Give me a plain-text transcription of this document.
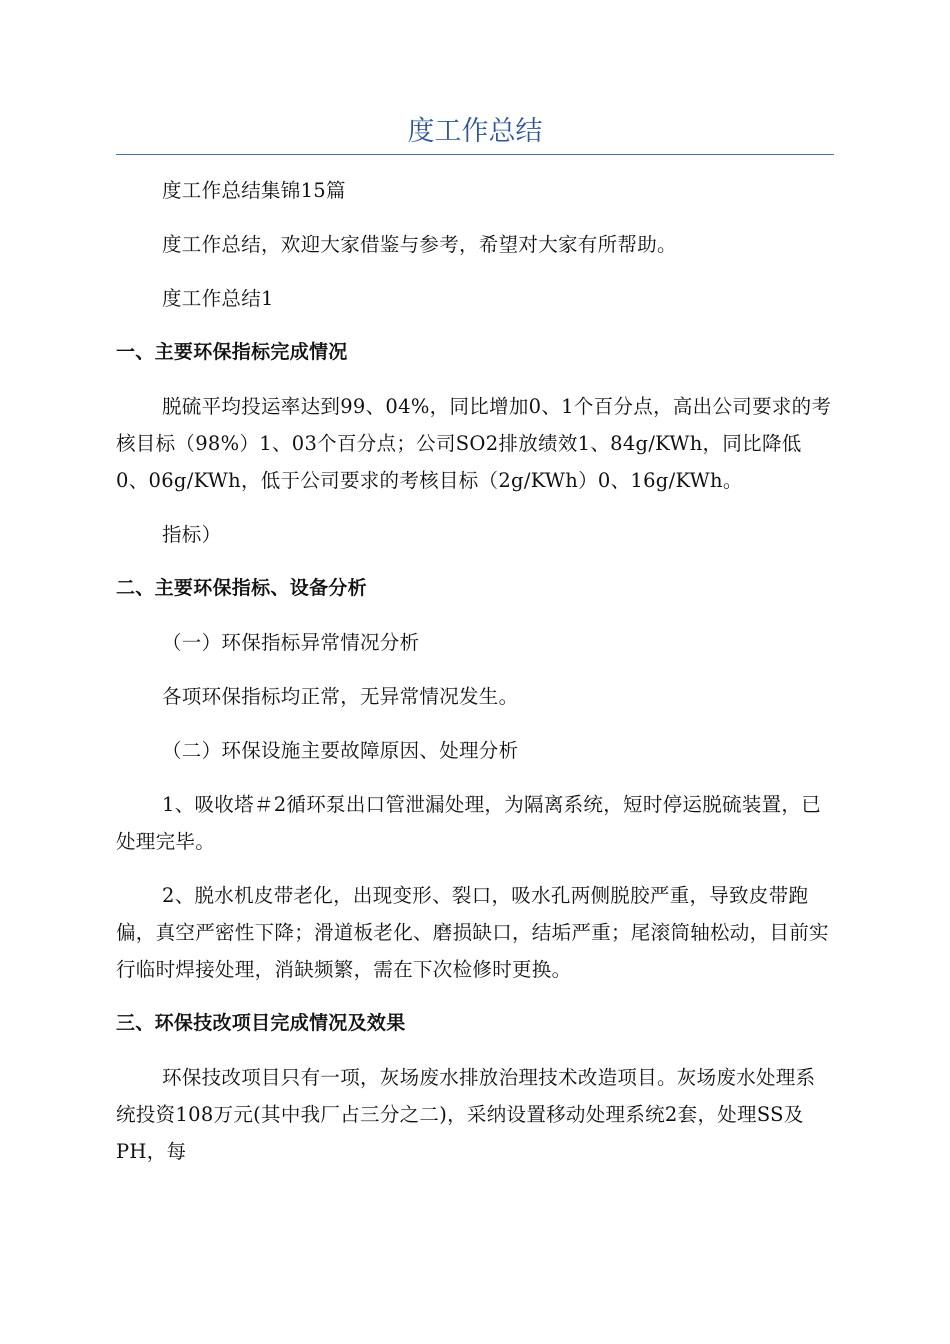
度工作总结

度工作总结集锦15篇

度工作总结，欢迎大家借鉴与参考，希望对大家有所帮助。

度工作总结1

一、主要环保指标完成情况

脱硫平均投运率达到99、04%，同比增加0、1个百分点，高出公司要求的考核目标（98%）1、03个百分点；公司SO2排放绩效1、84g/KWh，同比降低0、06g/KWh，低于公司要求的考核目标（2g/KWh）0、16g/KWh。

指标）

二、主要环保指标、设备分析

（一）环保指标异常情况分析

各项环保指标均正常，无异常情况发生。

（二）环保设施主要故障原因、处理分析

1、吸收塔＃2循环泵出口管泄漏处理，为隔离系统，短时停运脱硫装置，已处理完毕。

2、脱水机皮带老化，出现变形、裂口，吸水孔两侧脱胶严重，导致皮带跑偏，真空严密性下降；滑道板老化、磨损缺口，结垢严重；尾滚筒轴松动，目前实行临时焊接处理，消缺频繁，需在下次检修时更换。

三、环保技改项目完成情况及效果

环保技改项目只有一项，灰场废水排放治理技术改造项目。灰场废水处理系统投资108万元(其中我厂占三分之二)，采纳设置移动处理系统2套，处理SS及PH，每
